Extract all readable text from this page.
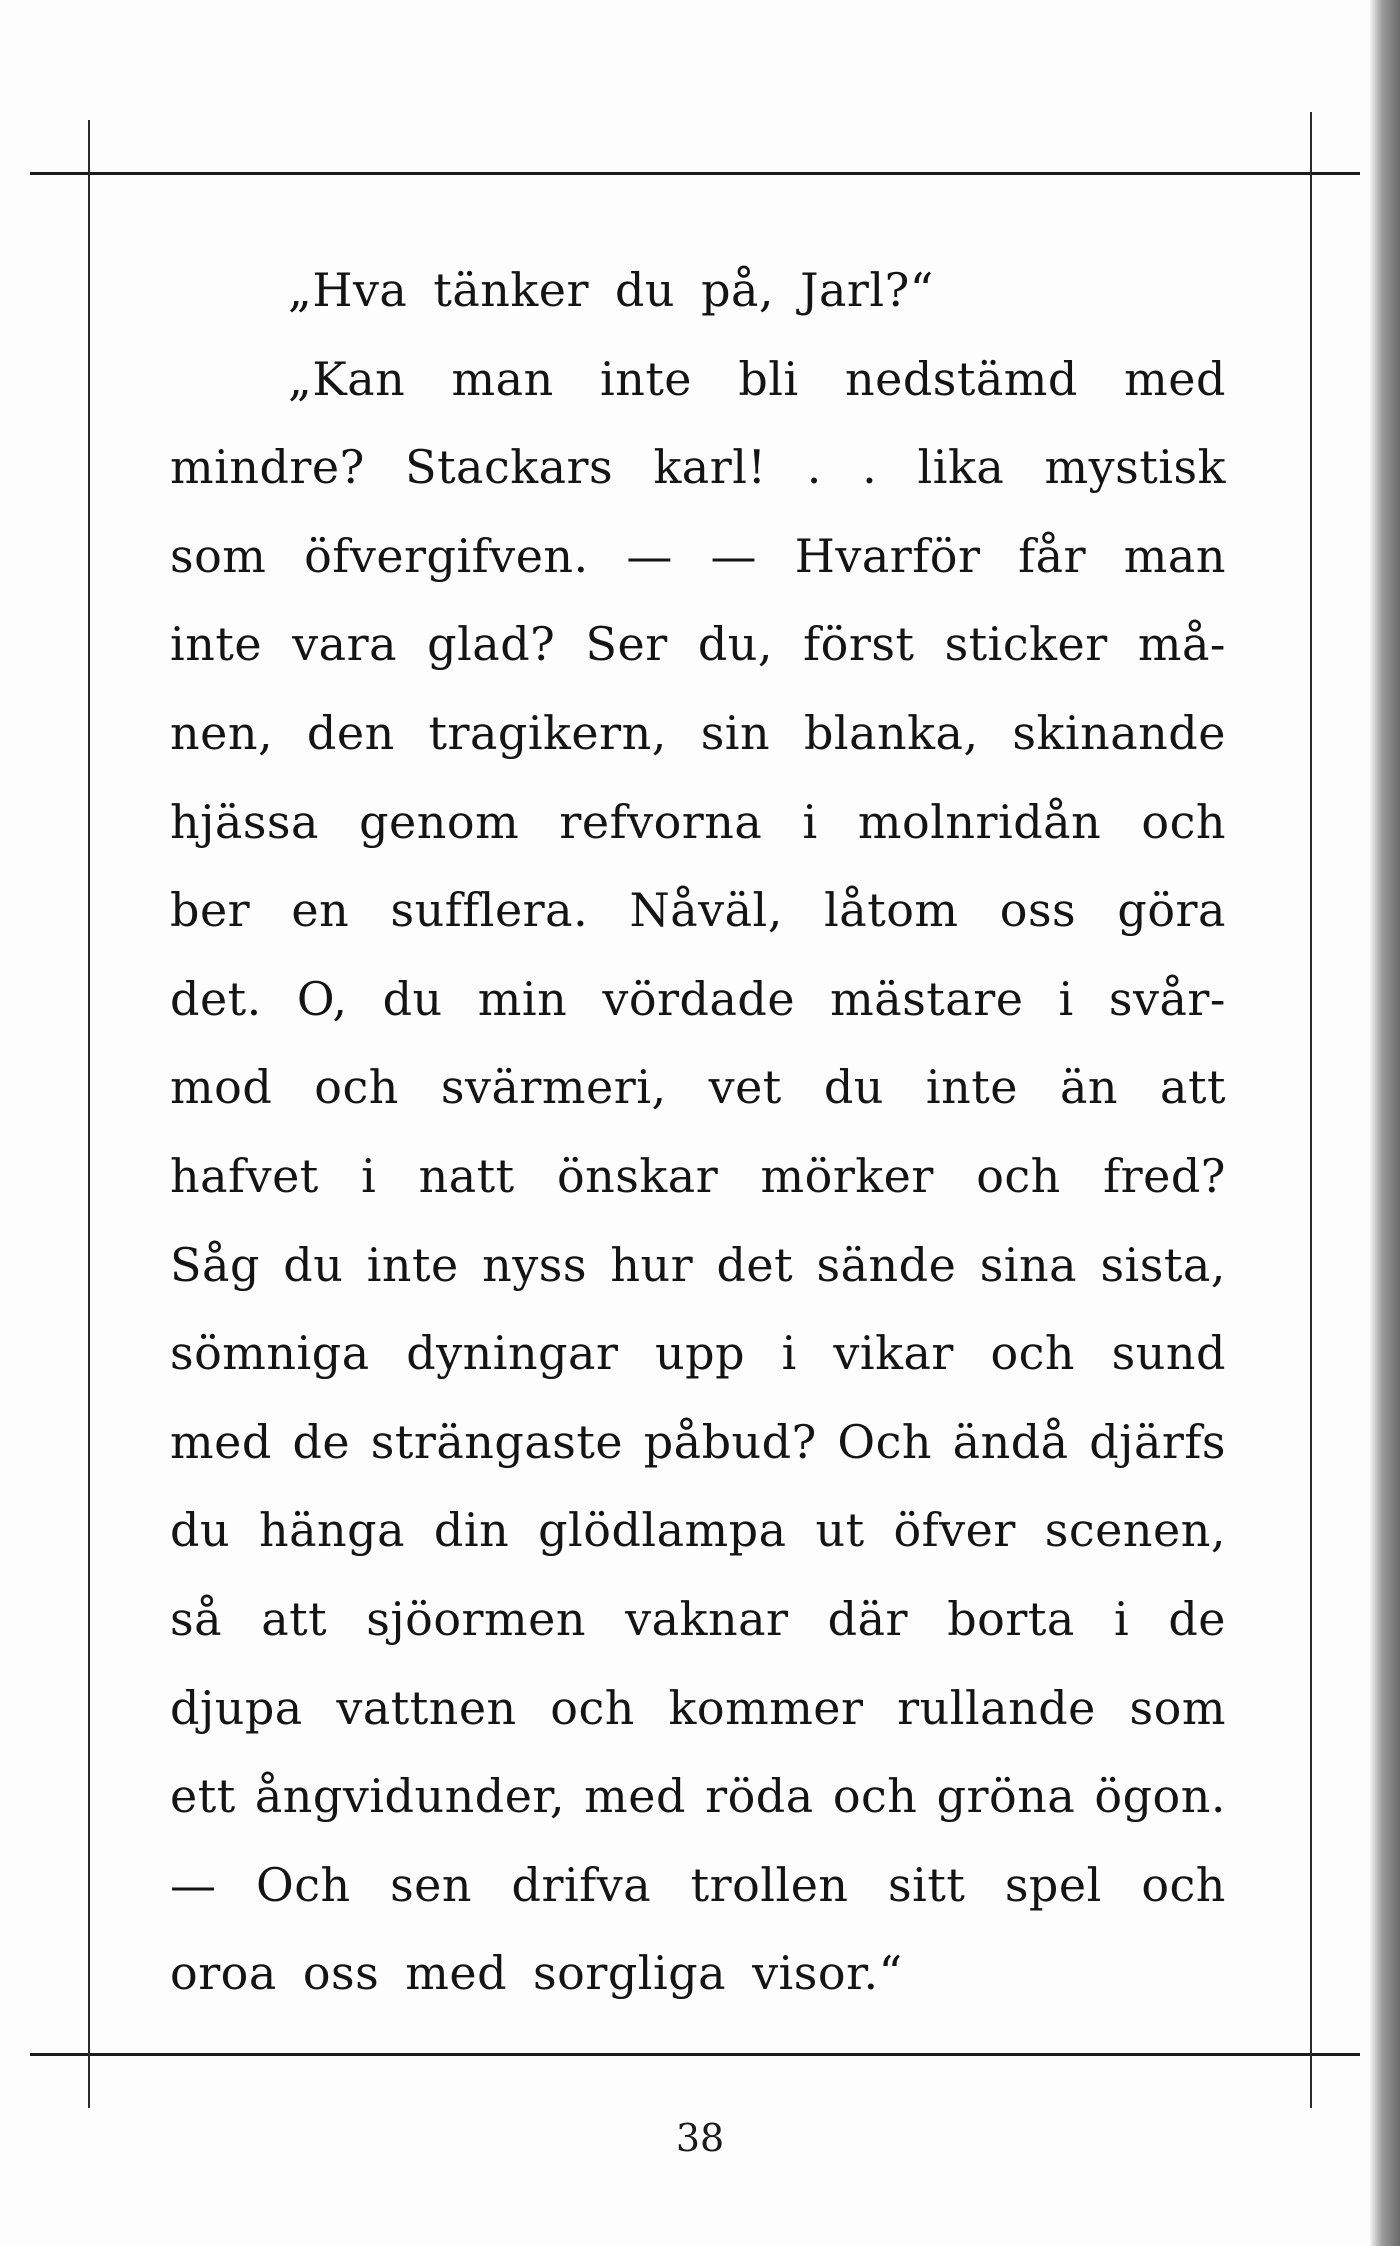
„Hva tänker du på, Jarl?“
„Kan man inte bli nedstämd med
mindre? Stackars karl! . . lika mystisk
som öfvergifven. — — Hvarför får man
inte vara glad? Ser du, först sticker må-
nen, den tragikern, sin blanka, skinande
hjässa genom refvorna i molnridån och
ber en sufflera. Nåväl, låtom oss göra
det. O, du min vördade mästare i svår-
mod och svärmeri, vet du inte än att
hafvet i natt önskar mörker och fred?
Såg du inte nyss hur det sände sina sista,
sömniga dyningar upp i vikar och sund
med de strängaste påbud? Och ändå djärfs
du hänga din glödlampa ut öfver scenen,
så att sjöormen vaknar där borta i de
djupa vattnen och kommer rullande som
ett ångvidunder, med röda och gröna ögon.
— Och sen drifva trollen sitt spel och
oroa oss med sorgliga visor.“
38
